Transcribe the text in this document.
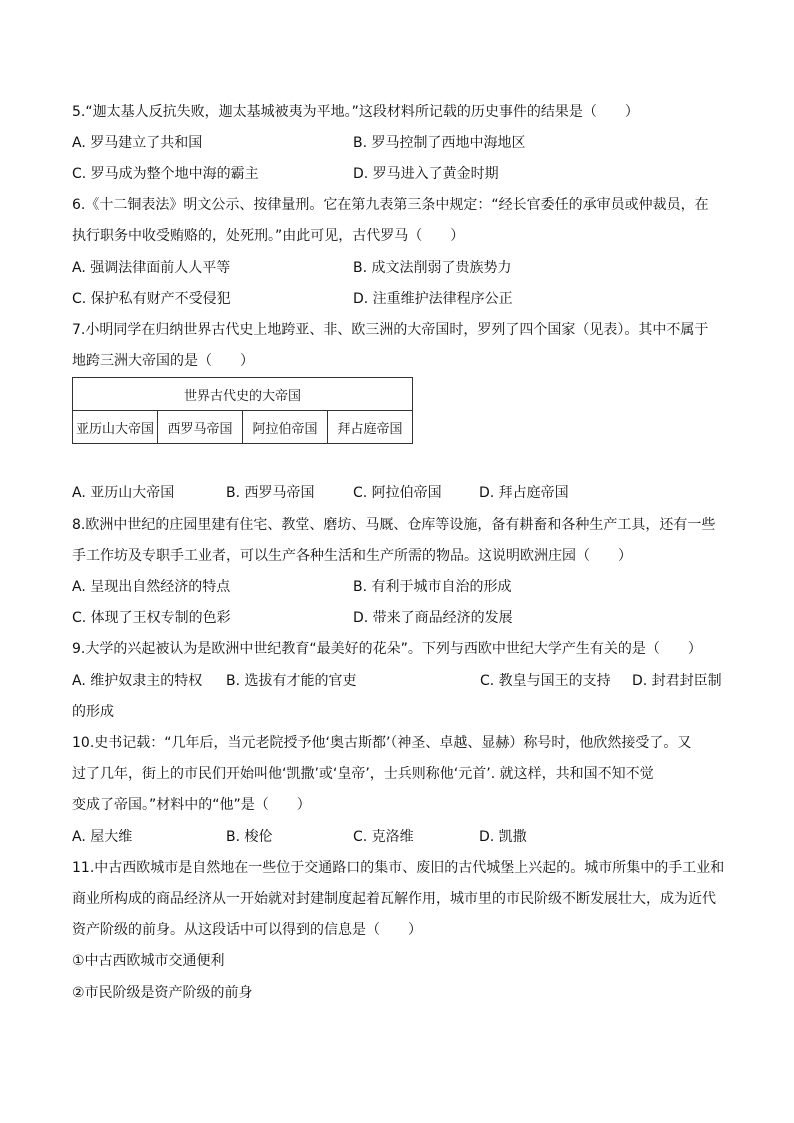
5.“迦太基人反抗失败，迦太基城被夷为平地。”这段材料所记载的历史事件的结果是（　　）
A. 罗马建立了共和国	B. 罗马控制了西地中海地区
C. 罗马成为整个地中海的霸主	D. 罗马进入了黄金时期
6.《十二铜表法》明文公示、按律量刑。它在第九表第三条中规定：“经长官委任的承审员或仲裁员，在
执行职务中收受贿赂的，处死刑。”由此可见，古代罗马（　　）
A. 强调法律面前人人平等	B. 成文法削弱了贵族势力
C. 保护私有财产不受侵犯	D. 注重维护法律程序公正
7.小明同学在归纳世界古代史上地跨亚、非、欧三洲的大帝国时，罗列了四个国家（见表）。其中不属于
地跨三洲大帝国的是（　　）
世界古代史的大帝国
亚历山大帝国	西罗马帝国	阿拉伯帝国	拜占庭帝国
A. 亚历山大帝国	B. 西罗马帝国	C. 阿拉伯帝国	D. 拜占庭帝国
8.欧洲中世纪的庄园里建有住宅、教堂、磨坊、马厩、仓库等设施，备有耕畜和各种生产工具，还有一些
手工作坊及专职手工业者，可以生产各种生活和生产所需的物品。这说明欧洲庄园（　　）
A. 呈现出自然经济的特点	B. 有利于城市自治的形成
C. 体现了王权专制的色彩	D. 带来了商品经济的发展
9.大学的兴起被认为是欧洲中世纪教育“最美好的花朵”。下列与西欧中世纪大学产生有关的是（　　）
A. 维护奴隶主的特权 B. 选拔有才能的官吏	C. 教皇与国王的支持 D. 封君封臣制
的形成
10.史书记载：“几年后，当元老院授予他‘奥古斯都’（神圣、卓越、显赫）称号时，他欣然接受了。又
过了几年，街上的市民们开始叫他‘凯撒’或‘皇帝’，士兵则称他‘元首’. 就这样，共和国不知不觉
变成了帝国。”材料中的“他”是（　　）
A. 屋大维	B. 梭伦	C. 克洛维	D. 凯撒
11.中古西欧城市是自然地在一些位于交通路口的集市、废旧的古代城堡上兴起的。城市所集中的手工业和
商业所构成的商品经济从一开始就对封建制度起着瓦解作用，城市里的市民阶级不断发展壮大，成为近代
资产阶级的前身。从这段话中可以得到的信息是（　　）
①中古西欧城市交通便利
②市民阶级是资产阶级的前身
